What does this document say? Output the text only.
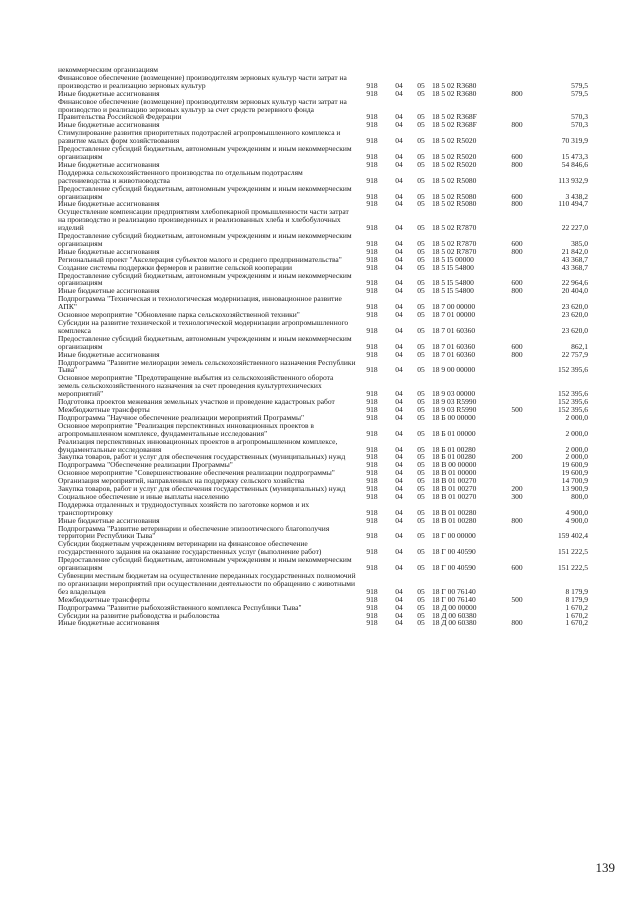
некоммерческим организациям						
Финансовое обеспечение (возмещение) производителям зерновых культур части затрат на производство и реализацию зерновых культур	918	04	05	18 5 02 R3680		579,5
Иные бюджетные ассигнования	918	04	05	18 5 02 R3680	800	579,5
Финансовое обеспечение (возмещение) производителям зерновых культур части затрат на производство и реализацию зерновых культур за счет средств резервного фонда Правительства Российской Федерации	918	04	05	18 5 02 R368F		570,3
Иные бюджетные ассигнования	918	04	05	18 5 02 R368F	800	570,3
Стимулирование развития приоритетных подотраслей агропромышленного комплекса и развитие малых форм хозяйствования	918	04	05	18 5 02 R5020		70 319,9
Предоставление субсидий бюджетным, автономным учреждениям и иным некоммерческим организациям	918	04	05	18 5 02 R5020	600	15 473,3
Иные бюджетные ассигнования	918	04	05	18 5 02 R5020	800	54 846,6
Поддержка сельскохозяйственного производства по отдельным подотраслям растениеводства и животноводства	918	04	05	18 5 02 R5080		113 932,9
Предоставление субсидий бюджетным, автономным учреждениям и иным некоммерческим организациям	918	04	05	18 5 02 R5080	600	3 438,2
Иные бюджетные ассигнования	918	04	05	18 5 02 R5080	800	110 494,7
Осуществление компенсации предприятиям хлебопекарной промышленности части затрат на производство и реализацию произведенных и реализованных хлеба и хлебобулочных изделий	918	04	05	18 5 02 R7870		22 227,0
Предоставление субсидий бюджетным, автономным учреждениям и иным некоммерческим организациям	918	04	05	18 5 02 R7870	600	385,0
Иные бюджетные ассигнования	918	04	05	18 5 02 R7870	800	21 842,0
Региональный проект "Акселерация субъектов малого и среднего предпринимательства"	918	04	05	18 5 I5 00000		43 368,7
Создание системы поддержки фермеров и развитие сельской кооперации	918	04	05	18 5 I5 54800		43 368,7
Предоставление субсидий бюджетным, автономным учреждениям и иным некоммерческим организациям	918	04	05	18 5 I5 54800	600	22 964,6
Иные бюджетные ассигнования	918	04	05	18 5 I5 54800	800	20 404,0
Подпрограмма "Техническая и технологическая модернизация, инновационное развитие АПК"	918	04	05	18 7 00 00000		23 620,0
Основное мероприятие "Обновление парка сельскохозяйственной техники"	918	04	05	18 7 01 00000		23 620,0
Субсидии на развитие технической и технологической модернизации агропромышленного комплекса	918	04	05	18 7 01 60360		23 620,0
Предоставление субсидий бюджетным, автономным учреждениям и иным некоммерческим организациям	918	04	05	18 7 01 60360	600	862,1
Иные бюджетные ассигнования	918	04	05	18 7 01 60360	800	22 757,9
Подпрограмма "Развитие мелиорации земель сельскохозяйственного назначения Республики Тыва"	918	04	05	18 9 00 00000		152 395,6
Основное мероприятие "Предотвращение выбытия из сельскохозяйственного оборота земель сельскохозяйственного назначения за счет проведения культуртехнических мероприятий"	918	04	05	18 9 03 00000		152 395,6
Подготовка проектов межевания земельных участков и проведение кадастровых работ	918	04	05	18 9 03 R5990		152 395,6
Межбюджетные трансферты	918	04	05	18 9 03 R5990	500	152 395,6
Подпрограмма "Научное обеспечение реализации мероприятий Программы"	918	04	05	18 Б 00 00000		2 000,0
Основное мероприятие "Реализация перспективных инновационных проектов в агропромышленном комплексе, фундаментальные исследования"	918	04	05	18 Б 01 00000		2 000,0
Реализация перспективных инновационных проектов в агропромышленном комплексе, фундаментальные исследования	918	04	05	18 Б 01 00280		2 000,0
Закупка товаров, работ и услуг для обеспечения государственных (муниципальных) нужд	918	04	05	18 Б 01 00280	200	2 000,0
Подпрограмма "Обеспечение реализации Программы"	918	04	05	18 В 00 00000		19 600,9
Основное мероприятие "Совершенствование обеспечения реализации подпрограммы"	918	04	05	18 В 01 00000		19 600,9
Организация мероприятий, направленных на поддержку сельского хозяйства	918	04	05	18 В 01 00270		14 700,9
Закупка товаров, работ и услуг для обеспечения государственных (муниципальных) нужд	918	04	05	18 В 01 00270	200	13 900,9
Социальное обеспечение и иные выплаты населению	918	04	05	18 В 01 00270	300	800,0
Поддержка отдаленных и труднодоступных хозяйств по заготовке кормов и их транспортировку	918	04	05	18 В 01 00280		4 900,0
Иные бюджетные ассигнования	918	04	05	18 В 01 00280	800	4 900,0
Подпрограмма "Развитие ветеринарии и обеспечение эпизоотического благополучия территории Республики Тыва"	918	04	05	18 Г 00 00000		159 402,4
Субсидии бюджетным учреждениям ветеринарии на финансовое обеспечение государственного задания на оказание государственных услуг (выполнение работ)	918	04	05	18 Г 00 40590		151 222,5
Предоставление субсидий бюджетным, автономным учреждениям и иным некоммерческим организациям	918	04	05	18 Г 00 40590	600	151 222,5
Субвенции местным бюджетам на осуществление переданных государственных полномочий по организации мероприятий при осуществлении деятельности по обращению с животными без владельцев	918	04	05	18 Г 00 76140		8 179,9
Межбюджетные трансферты	918	04	05	18 Г 00 76140	500	8 179,9
Подпрограмма "Развитие рыбохозяйственного комплекса Республики Тыва"	918	04	05	18 Д 00 00000		1 670,2
Субсидии на развитие рыбоводства и рыболовства	918	04	05	18 Д 00 60380		1 670,2
Иные бюджетные ассигнования	918	04	05	18 Д 00 60380	800	1 670,2
139
